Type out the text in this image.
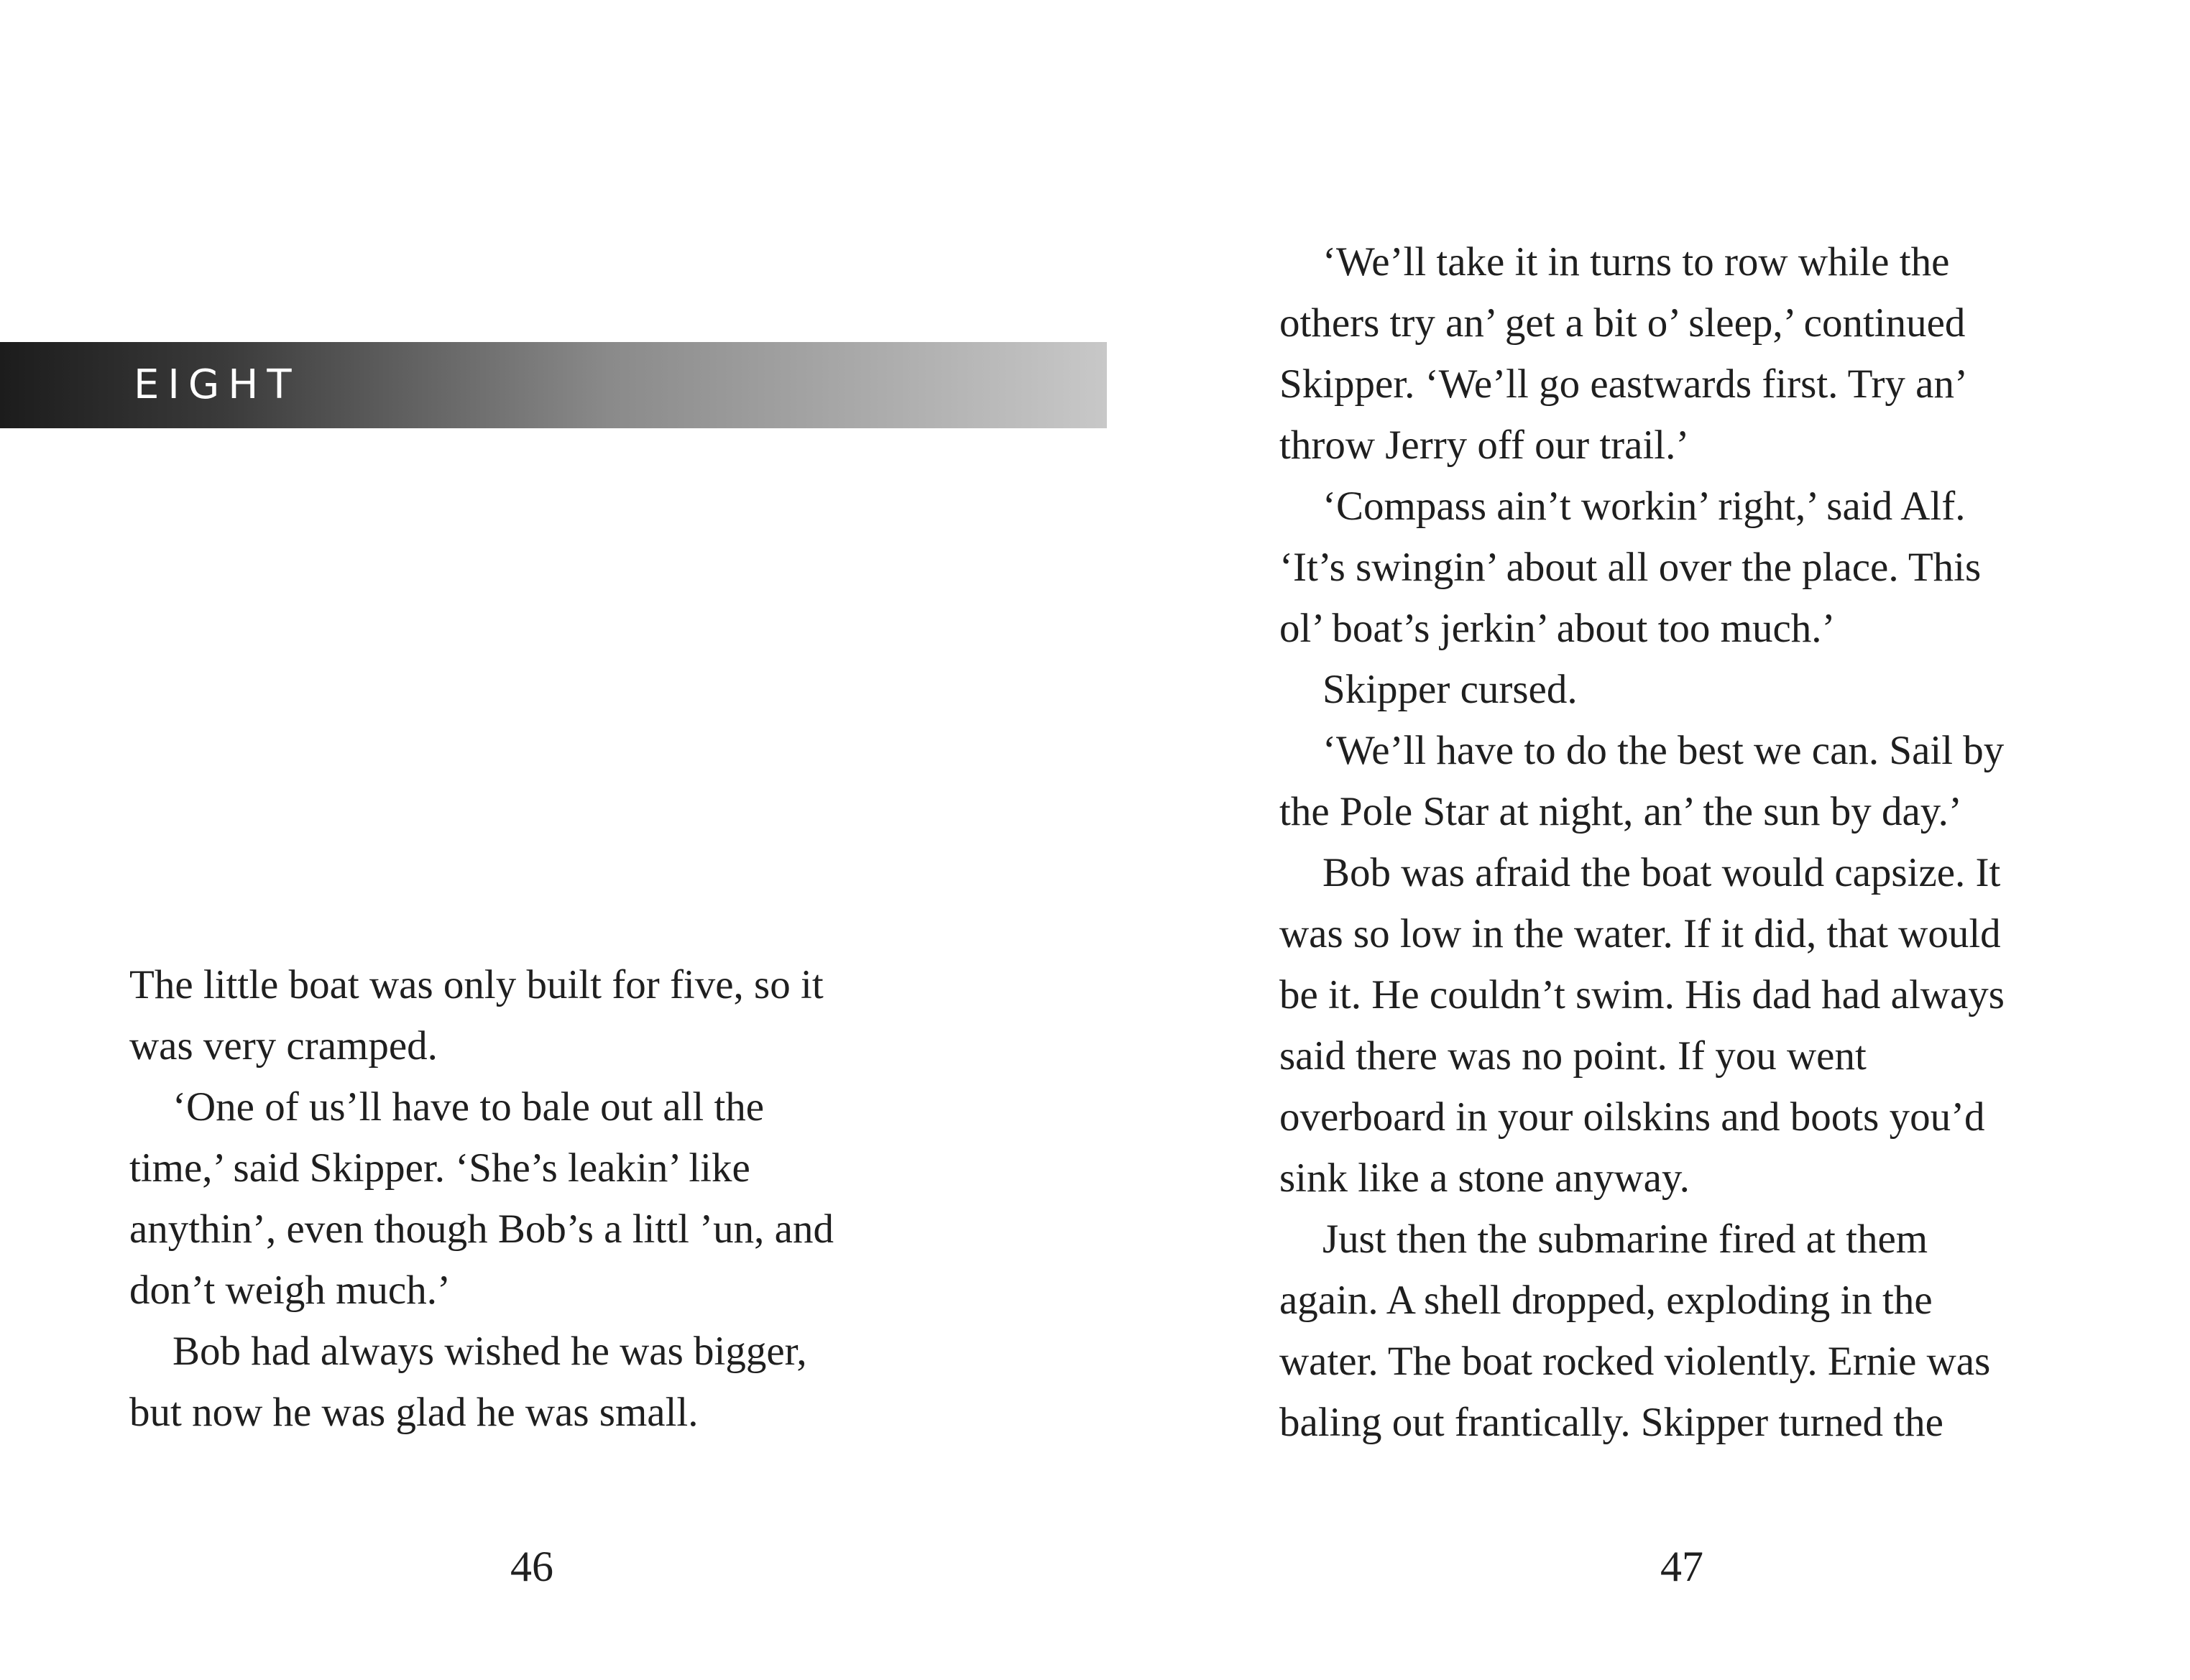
EIGHT

The little boat was only built for five, so it
was very cramped.

‘One of us’ll have to bale out all the
time,’ said Skipper. ‘She’s leakin’ like
anythin’, even though Bob’s a littl ’un, and
don’t weigh much.’

Bob had always wished he was bigger,
but now he was glad he was small.

46

‘We’ll take it in turns to row while the
others try an’ get a bit o’ sleep,’ continued
Skipper. ‘We’ll go eastwards first. Try an’
throw Jerry off our trail.’

‘Compass ain’t workin’ right,’ said Alf.
‘It’s swingin’ about all over the place. This
ol’ boat’s jerkin’ about too much.’

Skipper cursed.

‘We’ll have to do the best we can. Sail by
the Pole Star at night, an’ the sun by day.’

Bob was afraid the boat would capsize. It
was so low in the water. If it did, that would
be it. He couldn’t swim. His dad had always
said there was no point. If you went
overboard in your oilskins and boots you’d
sink like a stone anyway.

Just then the submarine fired at them
again. A shell dropped, exploding in the
water. The boat rocked violently. Ernie was
baling out frantically. Skipper turned the

47
